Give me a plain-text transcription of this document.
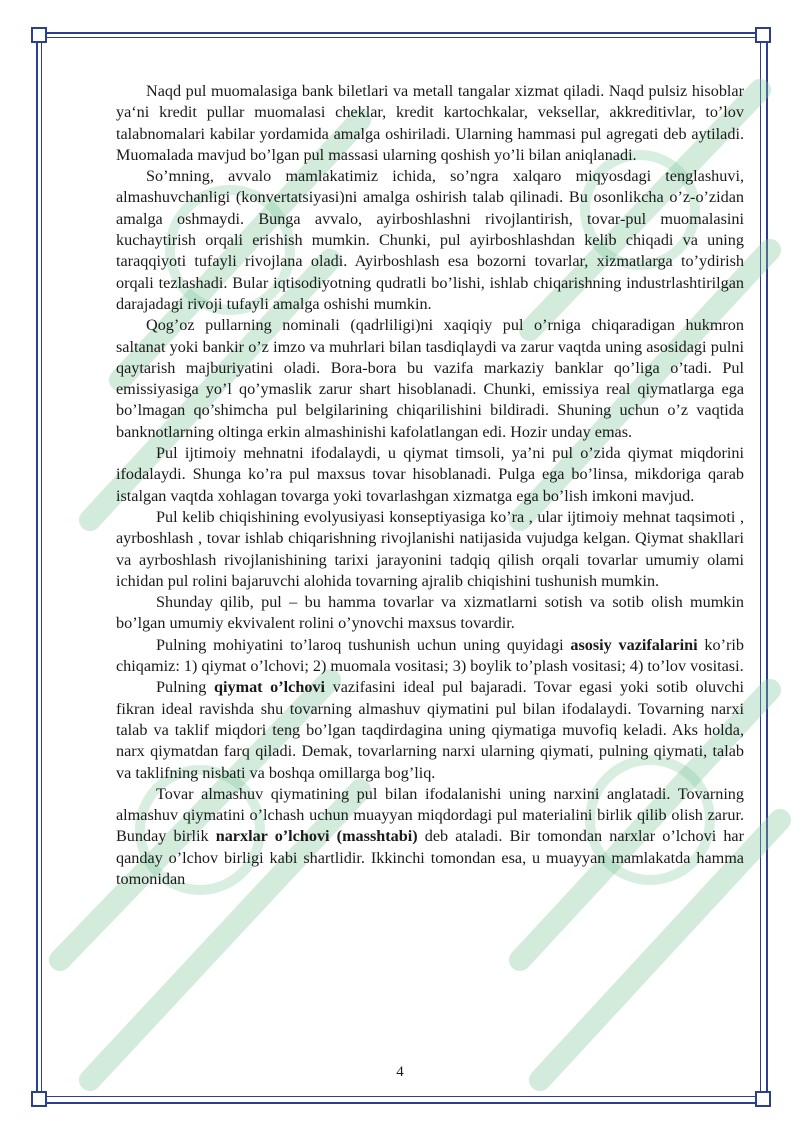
Naqd pul muomalasiga bank biletlari va metall tangalar xizmat qiladi. Naqd pulsiz hisoblar ya‘ni kredit pullar muomalasi cheklar, kredit kartochkalar, veksellar, akkreditivlar, to’lov talabnomalari kabilar yordamida amalga oshiriladi. Ularning hammasi pul agregati deb aytiladi. Muomalada mavjud bo’lgan pul massasi ularning qoshish yo’li bilan aniqlanadi.

So’mning, avvalo mamlakatimiz ichida, so’ngra xalqaro miqyosdagi tenglashuvi, almashuvchanligi (konvertatsiyasi)ni amalga oshirish talab qilinadi. Bu osonlikcha o’z-o’zidan amalga oshmaydi. Bunga avvalo, ayirboshlashni rivojlantirish, tovar-pul muomalasini kuchaytirish orqali erishish mumkin. Chunki, pul ayirboshlashdan kelib chiqadi va uning taraqqiyoti tufayli rivojlana oladi. Ayirboshlash esa bozorni tovarlar, xizmatlarga to’ydirish orqali tezlashadi. Bular iqtisodiyotning qudratli bo’lishi, ishlab chiqarishning industrlashtirilgan darajadagi rivoji tufayli amalga oshishi mumkin.

Qog’oz pullarning nominali (qadrliligi)ni xaqiqiy pul o’rniga chiqaradigan hukmron saltanat yoki bankir o’z imzo va muhrlari bilan tasdiqlaydi va zarur vaqtda uning asosidagi pulni qaytarish majburiyatini oladi. Bora-bora bu vazifa markaziy banklar qo’liga o’tadi. Pul emissiyasiga yo’l qo’ymaslik zarur shart hisoblanadi. Chunki, emissiya real qiymatlarga ega bo’lmagan qo’shimcha pul belgilarining chiqarilishini bildiradi. Shuning uchun o’z vaqtida banknotlarning oltinga erkin almashinishi kafolatlangan edi. Hozir unday emas.

Pul ijtimoiy mehnatni ifodalaydi, u qiymat timsoli, ya’ni pul o’zida qiymat miqdorini ifodalaydi. Shunga ko’ra pul maxsus tovar hisoblanadi. Pulga ega bo’linsa, mikdoriga qarab istalgan vaqtda xohlagan tovarga yoki tovarlashgan xizmatga ega bo’lish imkoni mavjud.

Pul kelib chiqishining evolyusiyasi konseptiyasiga ko’ra , ular ijtimoiy mehnat taqsimoti , ayrboshlash , tovar ishlab chiqarishning rivojlanishi natijasida vujudga kelgan. Qiymat shakllari va ayrboshlash rivojlanishining tarixi jarayonini tadqiq qilish orqali tovarlar umumiy olami ichidan pul rolini bajaruvchi alohida tovarning ajralib chiqishini tushunish mumkin.

Shunday qilib, pul – bu hamma tovarlar va xizmatlarni sotish va sotib olish mumkin bo’lgan umumiy ekvivalent rolini o’ynovchi maxsus tovardir.

Pulning mohiyatini to’laroq tushunish uchun uning quyidagi asosiy vazifalarini ko’rib chiqamiz: 1) qiymat o’lchovi; 2) muomala vositasi; 3) boylik to’plash vositasi; 4) to’lov vositasi.

Pulning qiymat o’lchovi vazifasini ideal pul bajaradi. Tovar egasi yoki sotib oluvchi fikran ideal ravishda shu tovarning almashuv qiymatini pul bilan ifodalaydi. Tovarning narxi talab va taklif miqdori teng bo’lgan taqdirdagina uning qiymatiga muvofiq keladi. Aks holda, narx qiymatdan farq qiladi. Demak, tovarlarning narxi ularning qiymati, pulning qiymati, talab va taklifning nisbati va boshqa omillarga bog’liq.

Tovar almashuv qiymatining pul bilan ifodalanishi uning narxini anglatadi. Tovarning almashuv qiymatini o’lchash uchun muayyan miqdordagi pul materialini birlik qilib olish zarur. Bunday birlik narxlar o’lchovi (masshtabi) deb ataladi. Bir tomondan narxlar o’lchovi har qanday o’lchov birligi kabi shartlidir. Ikkinchi tomondan esa, u muayyan mamlakatda hamma tomonidan

4
